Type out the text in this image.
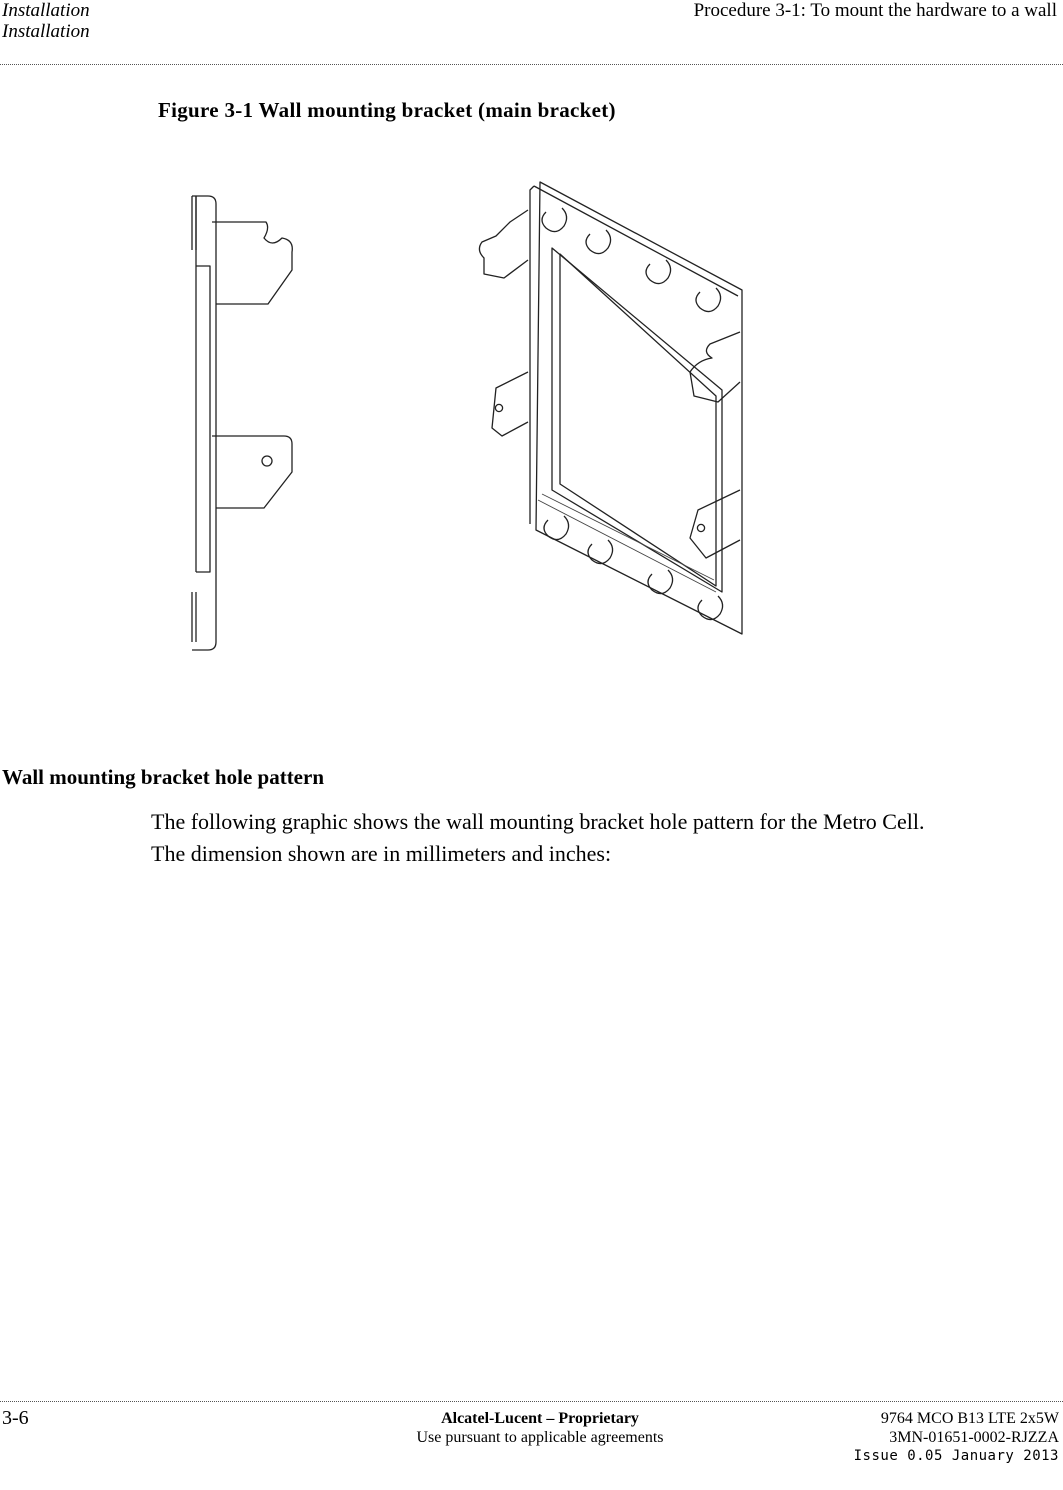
Installation
Installation
Procedure 3-1: To mount the hardware to a wall
Figure 3-1 Wall mounting bracket (main bracket)
Wall mounting bracket hole pattern
The following graphic shows the wall mounting bracket hole pattern for the Metro Cell.
The dimension shown are in millimeters and inches:
3-6	Alcatel-Lucent – Proprietary
Use pursuant to applicable agreements
9764 MCO B13 LTE 2x5W
3MN-01651-0002-RJZZA
Issue 0.05 January 2013
